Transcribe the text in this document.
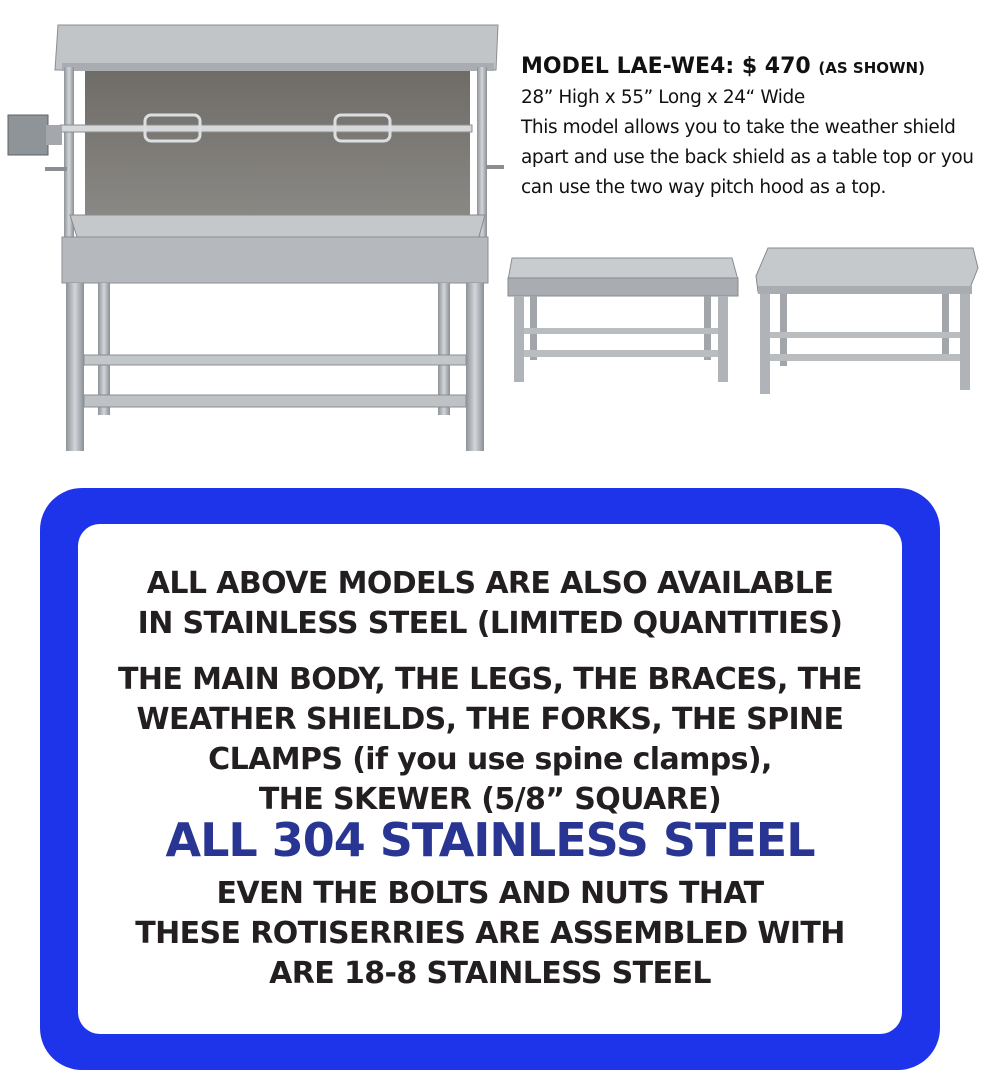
MODEL LAE-WE4: $ 470 (AS SHOWN)
28” High x 55” Long x 24“ Wide
This model allows you to take the weather shield apart and use the back shield as a table top or you can use the two way pitch hood as a top.
ALL ABOVE MODELS ARE ALSO AVAILABLE
IN STAINLESS STEEL (LIMITED QUANTITIES)
THE MAIN BODY, THE LEGS, THE BRACES, THE
WEATHER SHIELDS, THE FORKS, THE SPINE
CLAMPS (if you use spine clamps),
THE SKEWER (5/8” SQUARE)
ALL 304 STAINLESS STEEL
EVEN THE BOLTS AND NUTS THAT
THESE ROTISERRIES ARE ASSEMBLED WITH
ARE 18-8 STAINLESS STEEL
